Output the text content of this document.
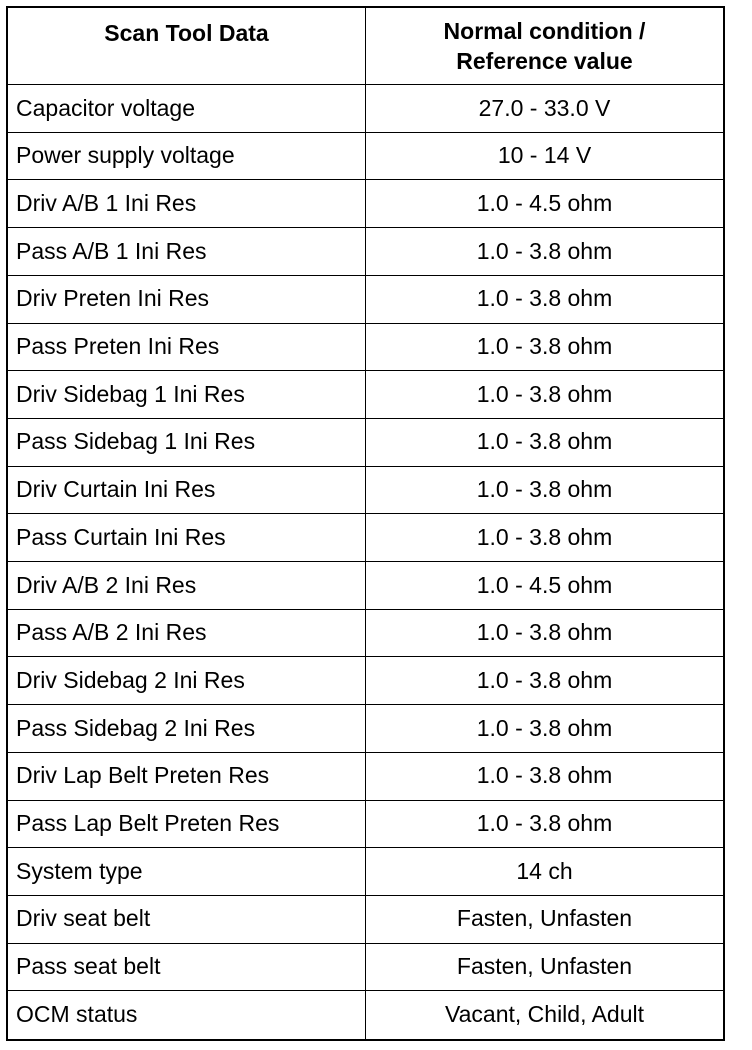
Scan Tool Data	Normal condition /
Reference value
Capacitor voltage	27.0 - 33.0 V
Power supply voltage	10 - 14 V
Driv A/B 1 Ini Res	1.0 - 4.5 ohm
Pass A/B 1 Ini Res	1.0 - 3.8 ohm
Driv Preten Ini Res	1.0 - 3.8 ohm
Pass Preten Ini Res	1.0 - 3.8 ohm
Driv Sidebag 1 Ini Res	1.0 - 3.8 ohm
Pass Sidebag 1 Ini Res	1.0 - 3.8 ohm
Driv Curtain Ini Res	1.0 - 3.8 ohm
Pass Curtain Ini Res	1.0 - 3.8 ohm
Driv A/B 2 Ini Res	1.0 - 4.5 ohm
Pass A/B 2 Ini Res	1.0 - 3.8 ohm
Driv Sidebag 2 Ini Res	1.0 - 3.8 ohm
Pass Sidebag 2 Ini Res	1.0 - 3.8 ohm
Driv Lap Belt Preten Res	1.0 - 3.8 ohm
Pass Lap Belt Preten Res	1.0 - 3.8 ohm
System type	14 ch
Driv seat belt	Fasten, Unfasten
Pass seat belt	Fasten, Unfasten
OCM status	Vacant, Child, Adult
